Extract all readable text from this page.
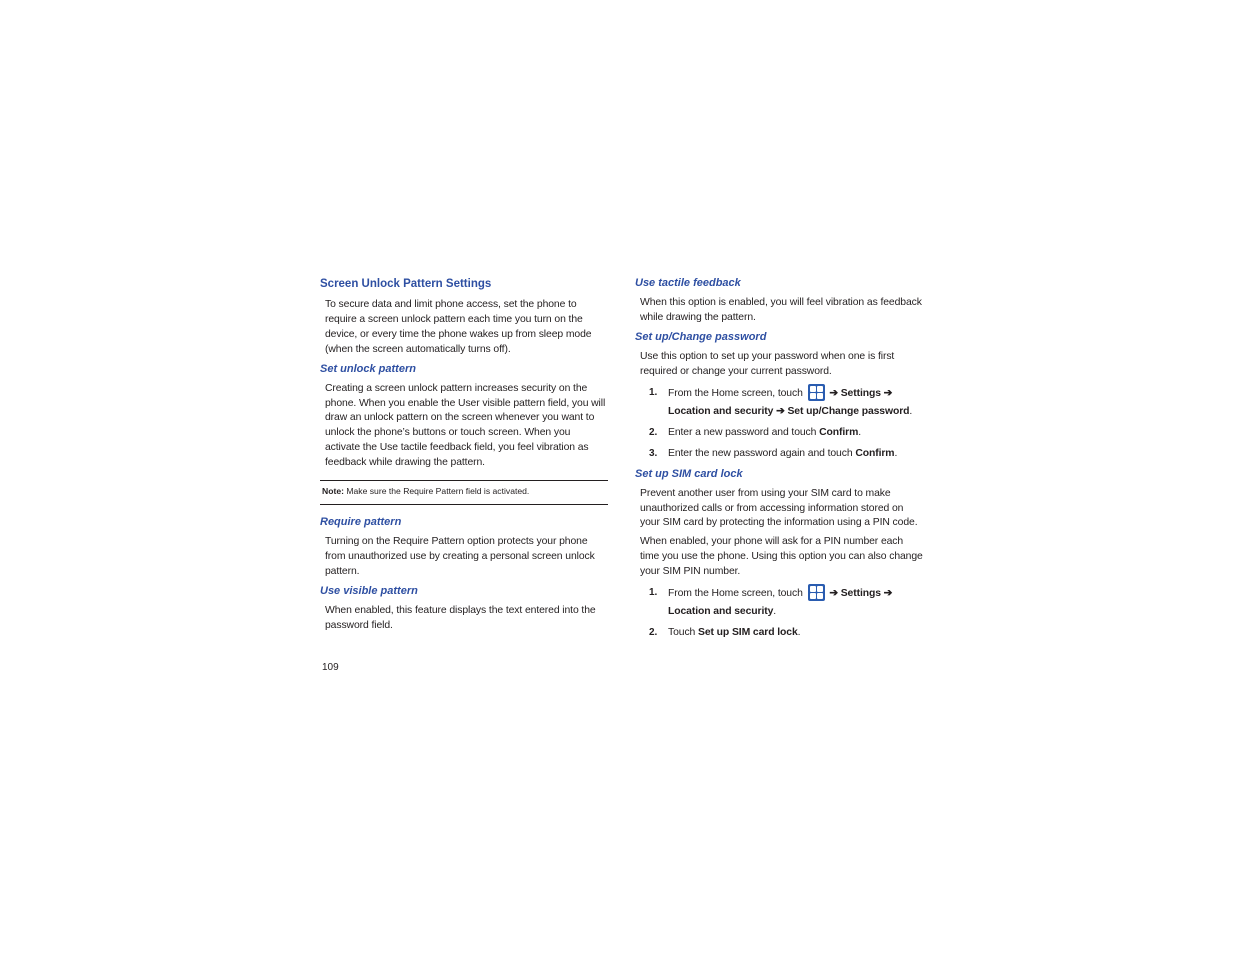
Screen Unlock Pattern Settings

To secure data and limit phone access, set the phone to require a screen unlock pattern each time you turn on the device, or every time the phone wakes up from sleep mode (when the screen automatically turns off).

Set unlock pattern

Creating a screen unlock pattern increases security on the phone. When you enable the User visible pattern field, you will draw an unlock pattern on the screen whenever you want to unlock the phone’s buttons or touch screen. When you activate the Use tactile feedback field, you feel vibration as feedback while drawing the pattern.

Note: Make sure the Require Pattern field is activated.
Require pattern

Turning on the Require Pattern option protects your phone from unauthorized use by creating a personal screen unlock pattern.

Use visible pattern

When enabled, this feature displays the text entered into the password field.

Use tactile feedback

When this option is enabled, you will feel vibration as feedback while drawing the pattern.

Set up/Change password

Use this option to set up your password when one is first required or change your current password.

1. From the Home screen, touch
➔ Settings ➔ Location and security ➔ Set up/Change password.
2. Enter a new password and touch Confirm.
3. Enter the new password again and touch Confirm.
Set up SIM card lock

Prevent another user from using your SIM card to make unauthorized calls or from accessing information stored on your SIM card by protecting the information using a PIN code.

When enabled, your phone will ask for a PIN number each time you use the phone. Using this option you can also change your SIM PIN number.

1. From the Home screen, touch
➔ Settings ➔ Location and security.
2. Touch Set up SIM card lock.
109
